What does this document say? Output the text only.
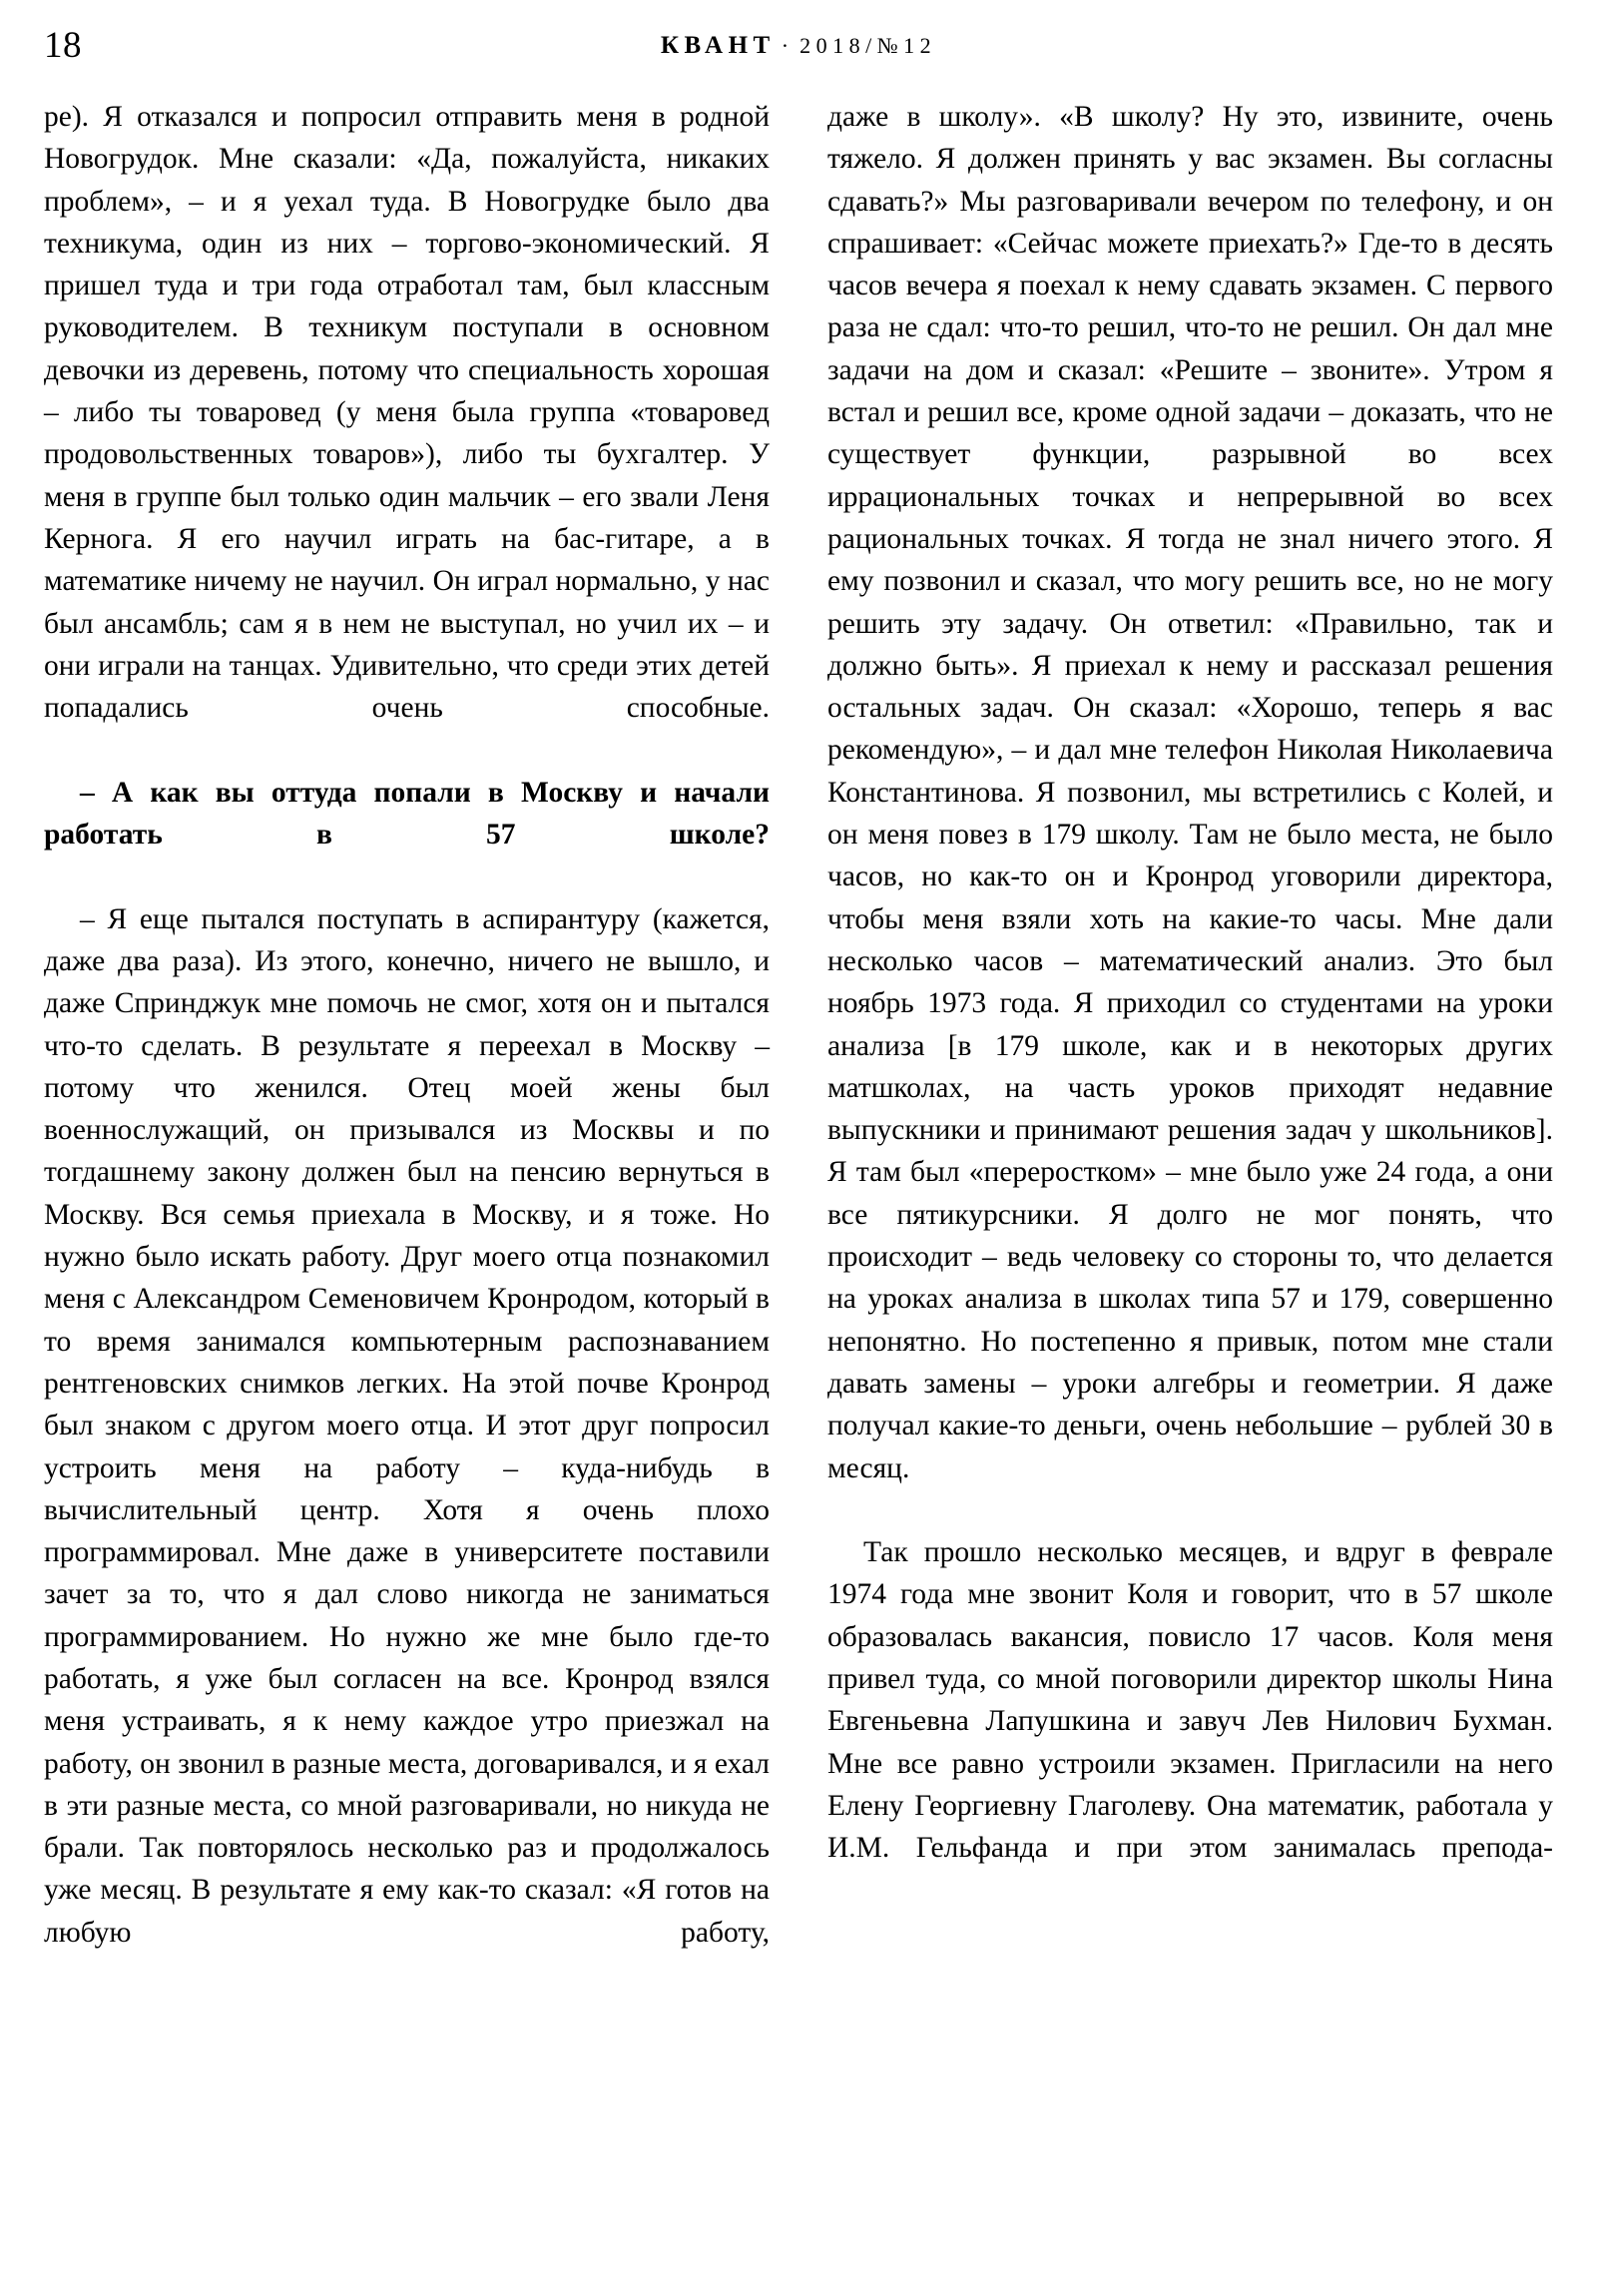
18	КВАНТ · 2018/№12

ре). Я отказался и попросил отправить меня в родной Новогрудок. Мне сказали: «Да, пожалуйста, никаких проблем», – и я уехал туда. В Новогрудке было два техникума, один из них – торгово-экономический. Я пришел туда и три года отработал там, был классным руководителем. В техникум поступали в основном девочки из деревень, потому что специальность хорошая – либо ты товаровед (у меня была группа «товаровед продовольственных товаров»), либо ты бухгалтер. У меня в группе был только один мальчик – его звали Леня Кернога. Я его научил играть на бас-гитаре, а в математике ничему не научил. Он играл нормально, у нас был ансамбль; сам я в нем не выступал, но учил их – и они играли на танцах. Удивительно, что среди этих детей попадались очень способные.

– А как вы оттуда попали в Москву и начали работать в 57 школе?

– Я еще пытался поступать в аспирантуру (кажется, даже два раза). Из этого, конечно, ничего не вышло, и даже Спринджук мне помочь не смог, хотя он и пытался что-то сделать. В результате я переехал в Москву – потому что женился. Отец моей жены был военнослужащий, он призывался из Москвы и по тогдашнему закону должен был на пенсию вернуться в Москву. Вся семья приехала в Москву, и я тоже. Но нужно было искать работу. Друг моего отца познакомил меня с Александром Семеновичем Кронродом, который в то время занимался компьютерным распознаванием рентгеновских снимков легких. На этой почве Кронрод был знаком с другом моего отца. И этот друг попросил устроить меня на работу – куда-нибудь в вычислительный центр. Хотя я очень плохо программировал. Мне даже в университете поставили зачет за то, что я дал слово никогда не заниматься программированием. Но нужно же мне было где-то работать, я уже был согласен на все. Кронрод взялся меня устраивать, я к нему каждое утро приезжал на работу, он звонил в разные места, договаривался, и я ехал в эти разные места, со мной разговаривали, но никуда не брали. Так повторялось несколько раз и продолжалось уже месяц. В результате я ему как-то сказал: «Я готов на любую работу,

даже в школу». «В школу? Ну это, извините, очень тяжело. Я должен принять у вас экзамен. Вы согласны сдавать?» Мы разговаривали вечером по телефону, и он спрашивает: «Сейчас можете приехать?» Где-то в десять часов вечера я поехал к нему сдавать экзамен. С первого раза не сдал: что-то решил, что-то не решил. Он дал мне задачи на дом и сказал: «Решите – звоните». Утром я встал и решил все, кроме одной задачи – доказать, что не существует функции, разрывной во всех иррациональных точках и непрерывной во всех рациональных точках. Я тогда не знал ничего этого. Я ему позвонил и сказал, что могу решить все, но не могу решить эту задачу. Он ответил: «Правильно, так и должно быть». Я приехал к нему и рассказал решения остальных задач. Он сказал: «Хорошо, теперь я вас рекомендую», – и дал мне телефон Николая Николаевича Константинова. Я позвонил, мы встретились с Колей, и он меня повез в 179 школу. Там не было места, не было часов, но как-то он и Кронрод уговорили директора, чтобы меня взяли хоть на какие-то часы. Мне дали несколько часов – математический анализ. Это был ноябрь 1973 года. Я приходил со студентами на уроки анализа [в 179 школе, как и в некоторых других матшколах, на часть уроков приходят недавние выпускники и принимают решения задач у школьников]. Я там был «переростком» – мне было уже 24 года, а они все пятикурсники. Я долго не мог понять, что происходит – ведь человеку со стороны то, что делается на уроках анализа в школах типа 57 и 179, совершенно непонятно. Но постепенно я привык, потом мне стали давать замены – уроки алгебры и геометрии. Я даже получал какие-то деньги, очень небольшие – рублей 30 в месяц.

Так прошло несколько месяцев, и вдруг в феврале 1974 года мне звонит Коля и говорит, что в 57 школе образовалась вакансия, повисло 17 часов. Коля меня привел туда, со мной поговорили директор школы Нина Евгеньевна Лапушкина и завуч Лев Нилович Бухман. Мне все равно устроили экзамен. Пригласили на него Елену Георгиевну Глаголеву. Она математик, работала у И.М. Гельфанда и при этом занималась препода-
